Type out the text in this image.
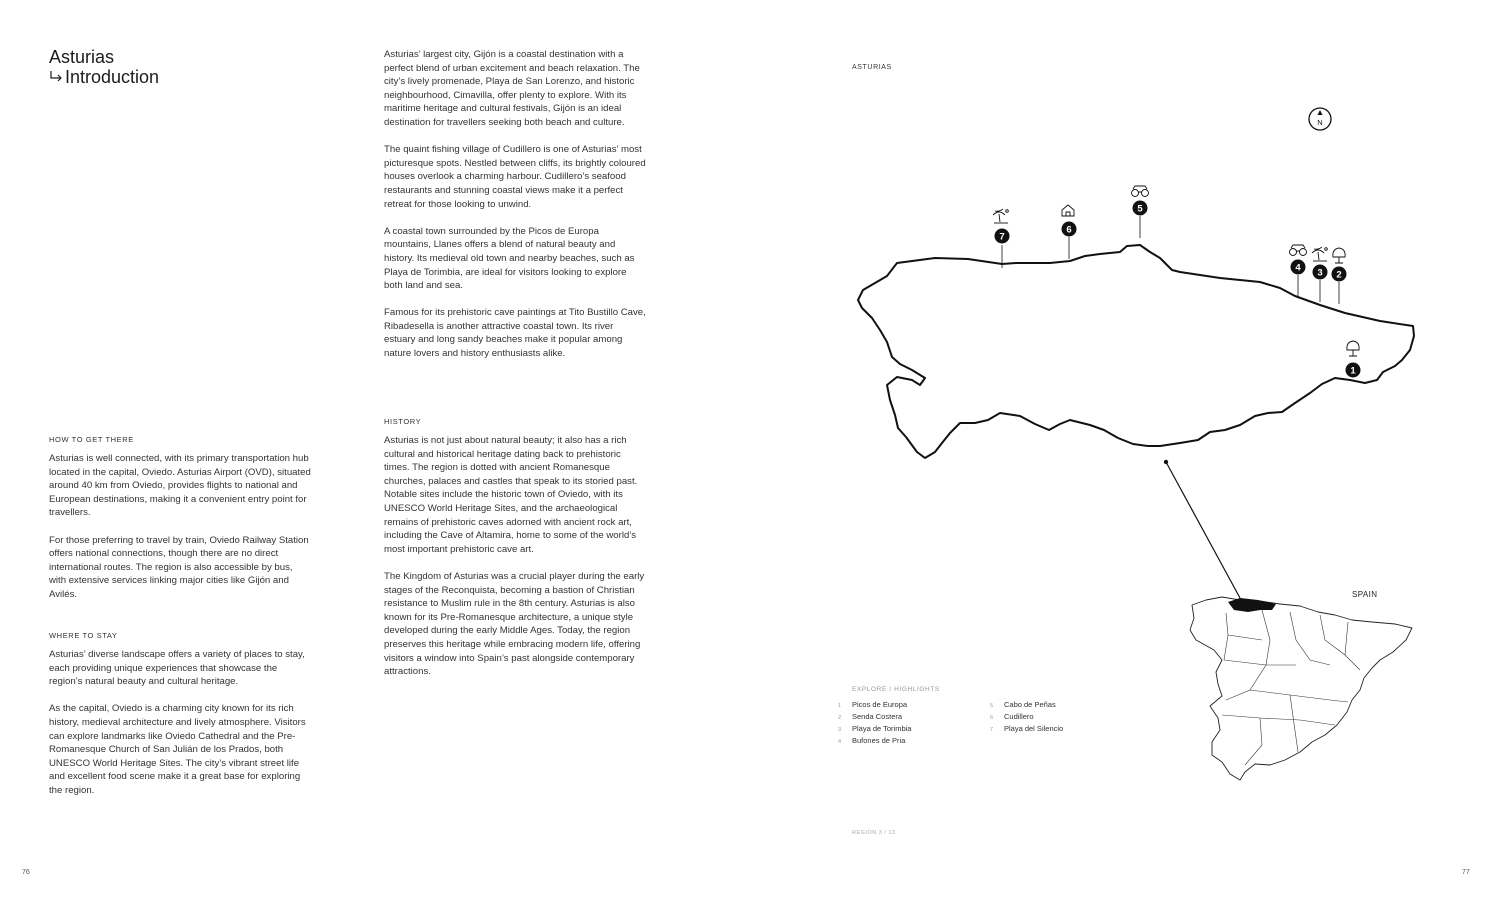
Asturias
Introduction
HOW TO GET THERE

Asturias is well connected, with its primary transportation hub located in the capital, Oviedo. Asturias Airport (OVD), situated around 40 km from Oviedo, provides flights to national and European destinations, making it a convenient entry point for travellers.

For those preferring to travel by train, Oviedo Railway Station offers national connections, though there are no direct international routes. The region is also accessible by bus, with extensive services linking major cities like Gijón and Avilés.

WHERE TO STAY

Asturias’ diverse landscape offers a variety of places to stay, each providing unique experiences that showcase the region’s natural beauty and cultural heritage.

As the capital, Oviedo is a charming city known for its rich history, medieval architecture and lively atmosphere. Visitors can explore landmarks like Oviedo Cathedral and the Pre-Romanesque Church of San Julián de los Prados, both UNESCO World Heritage Sites. The city’s vibrant street life and excellent food scene make it a great base for exploring the region.

Asturias’ largest city, Gijón is a coastal destination with a perfect blend of urban excitement and beach relaxation. The city’s lively promenade, Playa de San Lorenzo, and historic neighbourhood, Cimavilla, offer plenty to explore. With its maritime heritage and cultural festivals, Gijón is an ideal destination for travellers seeking both beach and culture.

The quaint fishing village of Cudillero is one of Asturias’ most picturesque spots. Nestled between cliffs, its brightly coloured houses overlook a charming harbour. Cudillero’s seafood restaurants and stunning coastal views make it a perfect retreat for those looking to unwind.

A coastal town surrounded by the Picos de Europa mountains, Llanes offers a blend of natural beauty and history. Its medieval old town and nearby beaches, such as Playa de Torimbia, are ideal for visitors looking to explore both land and sea.

Famous for its prehistoric cave paintings at Tito Bustillo Cave, Ribadesella is another attractive coastal town. Its river estuary and long sandy beaches make it popular among nature lovers and history enthusiasts alike.

HISTORY

Asturias is not just about natural beauty; it also has a rich cultural and historical heritage dating back to prehistoric times. The region is dotted with ancient Romanesque churches, palaces and castles that speak to its storied past. Notable sites include the historic town of Oviedo, with its UNESCO World Heritage Sites, and the archaeological remains of prehistoric caves adorned with ancient rock art, including the Cave of Altamira, home to some of the world’s most important prehistoric cave art.

The Kingdom of Asturias was a crucial player during the early stages of the Reconquista, becoming a bastion of Christian resistance to Muslim rule in the 8th century. Asturias is also known for its Pre-Romanesque architecture, a unique style developed during the early Middle Ages. Today, the region preserves this heritage while embracing modern life, offering visitors a window into Spain’s past alongside contemporary attractions.

76
ASTURIAS
1
2
3
4
5
6
7
N
SPAIN
EXPLORE / HIGHLIGHTS
1 Picos de Europa
2 Senda Costera
3 Playa de Torimbia
4 Bufones de Pria
5 Cabo de Peñas
6 Cudillero
7 Playa del Silencio
REGION 3 / 13
77
